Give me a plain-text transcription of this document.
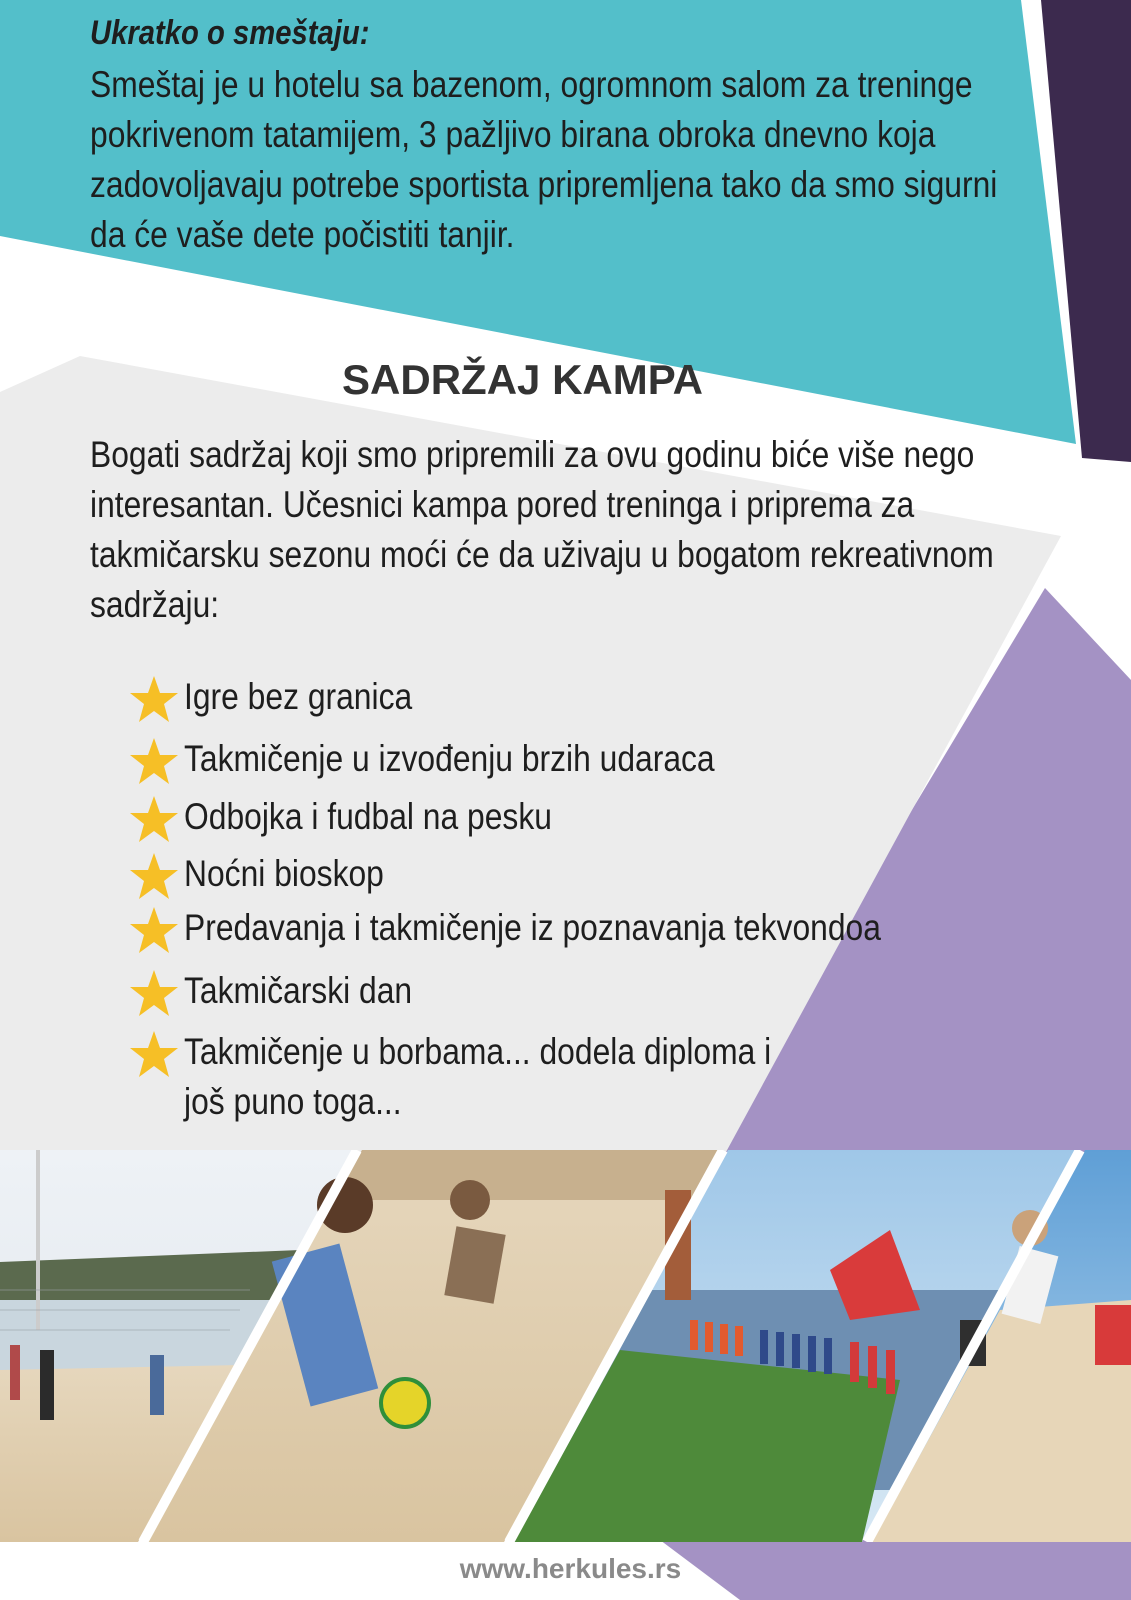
Ukratko o smeštaju:
Smeštaj je u hotelu sa bazenom, ogromnom salom za treninge pokrivenom tatamijem, 3 pažljivo birana obroka dnevno koja zadovoljavaju potrebe sportista pripremljena tako da smo sigurni da će vaše dete počistiti tanjir.
SADRŽAJ KAMPA
Bogati sadržaj koji smo pripremili za ovu godinu biće više nego interesantan. Učesnici kampa pored treninga i priprema za takmičarsku sezonu moći će da uživaju u bogatom rekreativnom sadržaju:
Igre bez granica
Takmičenje u izvođenju brzih udaraca
Odbojka i fudbal na pesku
Noćni bioskop
Predavanja i takmičenje iz poznavanja tekvondoa
Takmičarski dan
Takmičenje u borbama... dodela diploma i
još puno toga...
www.herkules.rs
